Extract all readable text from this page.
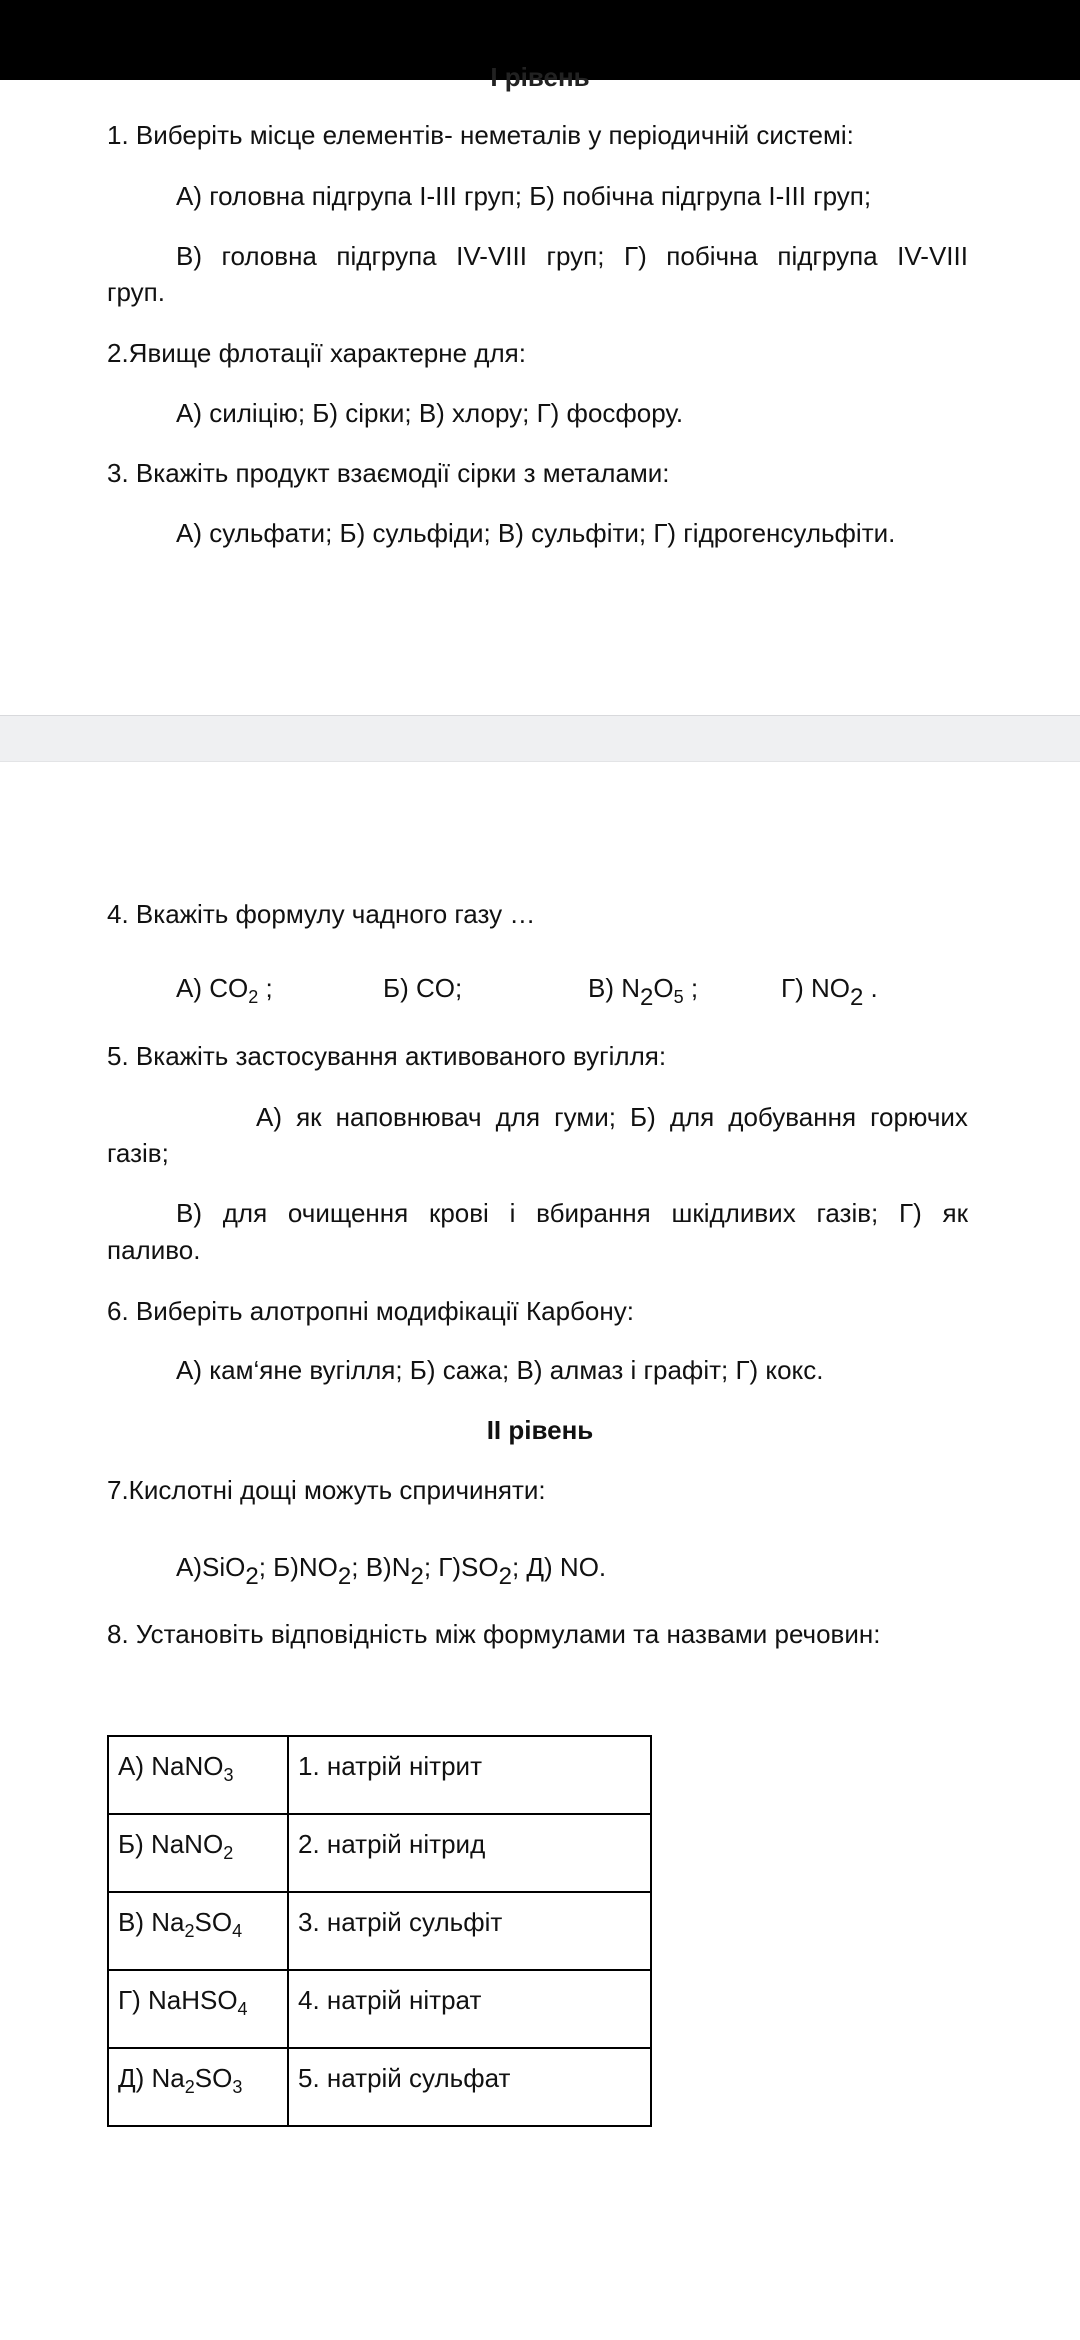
І рівень
1. Виберіть місце елементів- неметалів у періодичній системі:
А) головна підгрупа I-III груп; Б) побічна підгрупа I-III груп;
В) головна підгрупа IV-VIII груп; Г) побічна підгрупа IV-VIII
груп.
2.Явище флотації характерне для:
А) силіцію; Б) сірки; В) хлору; Г) фосфору.
3. Вкажіть продукт взаємодії сірки з металами:
А) сульфати; Б) сульфіди; В) сульфіти; Г) гідрогенсульфіти.
4. Вкажіть формулу чадного газу …
А) $CO_2$ ;	Б) CO;	В) $N_2O_5$ ;	Г) $NO_2$ .
5. Вкажіть застосування активованого вугілля:
А) як наповнювач для гуми; Б) для добування горючих
газів;
В) для очищення крові і вбирання шкідливих газів; Г) як
паливо.
6. Виберіть алотропні модифікації Карбону:
А) кам‘яне вугілля; Б) сажа; В) алмаз і графіт; Г) кокс.
II рівень
7.Кислотні дощі можуть спричиняти:
А)SiO$_2$; $Б)NO_2$; $В)N_2$; $Г)SO_2$; Д) NO.
8. Установіть відповідність між формулами та назвами речовин:
А) NaNO$_3$	1. натрій нітрит
Б) NaNO$_2$	2. натрій нітрид
В) $Na_2SO_4$	3. натрій сульфіт
Г) NaHSO$_4$	4. натрій нітрат
Д) $Na_2SO_3$	5. натрій сульфат
